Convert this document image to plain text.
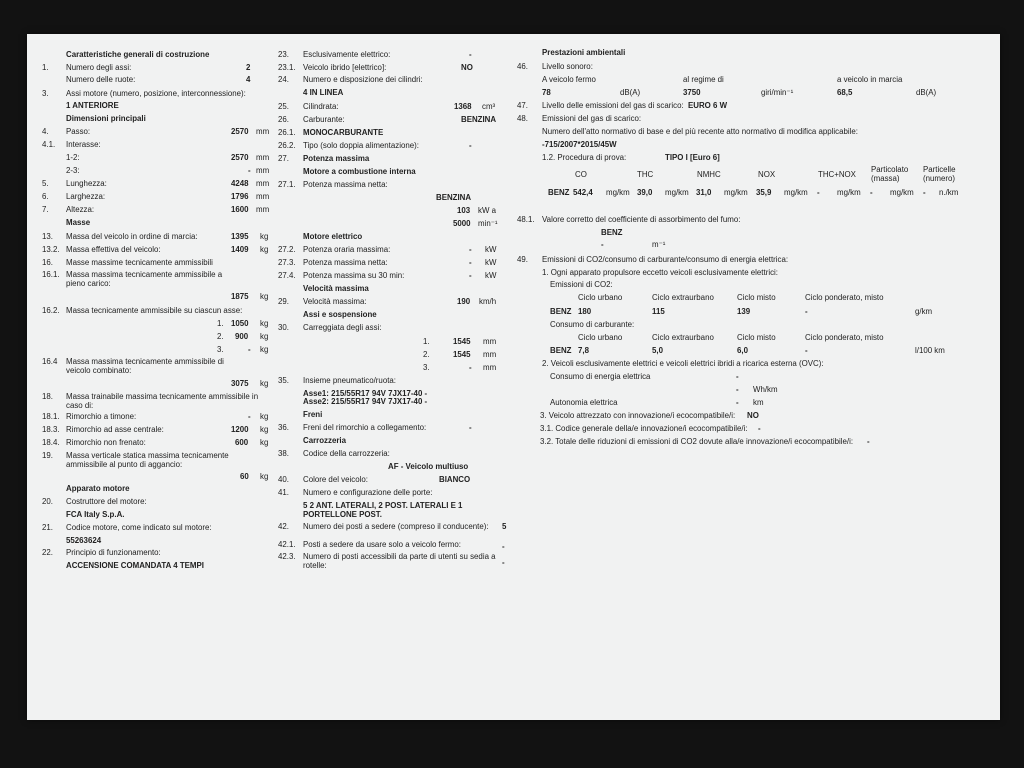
Caratteristiche generali di costruzione
1. Numero degli assi:	2
Numero delle ruote:	4
3. Assi motore (numero, posizione, interconnessione):
1 ANTERIORE
Dimensioni principali
4. Passo:	2570 mm
4.1. Interasse:
1-2:	2570 mm
2-3:	- mm
5. Lunghezza:	4248 mm
6. Larghezza:	1796 mm
7. Altezza:	1600 mm
Masse
13. Massa del veicolo in ordine di marcia:	1395 kg
13.2. Massa effettiva del veicolo:	1409 kg
16. Masse massime tecnicamente ammissibili
16.1. Massa massima tecnicamente ammissibile a pieno carico:
1875 kg
16.2. Massa tecnicamente ammissibile su ciascun asse:
1. 1050 kg
2. 900 kg
3.	- kg
16.4 Massa massima tecnicamente ammissibile di veicolo combinato:
3075 kg
18. Massa trainabile massima tecnicamente ammissibile in caso di:
18.1. Rimorchio a timone:	- kg
18.3. Rimorchio ad asse centrale:	1200 kg
18.4. Rimorchio non frenato:	600 kg
19. Massa verticale statica massima tecnicamente ammissibile al punto di aggancio:
60 kg
Apparato motore
20. Costruttore del motore:
FCA Italy S.p.A.
21. Codice motore, come indicato sul motore:
55263624
22. Principio di funzionamento:
ACCENSIONE COMANDATA 4 TEMPI
23. Esclusivamente elettrico:	-
23.1. Veicolo ibrido [elettrico]:	NO
24. Numero e disposizione dei cilindri:
4 IN LINEA
25. Cilindrata:	1368 cm³
26. Carburante:	BENZINA
26.1. MONOCARBURANTE
26.2. Tipo (solo doppia alimentazione):	-
27. Potenza massima
Motore a combustione interna
27.1. Potenza massima netta:
BENZINA
103 kW a
5000 min⁻¹
Motore elettrico
27.2. Potenza oraria massima:	- kW
27.3. Potenza massima netta:	- kW
27.4. Potenza massima su 30 min:	- kW
Velocità massima
29. Velocità massima:	190 km/h
Assi e sospensione
30. Carreggiata degli assi:
1.	1545 mm
2.	1545 mm
3.	- mm
35. Insieme pneumatico/ruota:
Asse1: 215/55R17 94V 7JX17-40 -
Asse2: 215/55R17 94V 7JX17-40 -
Freni
36. Freni del rimorchio a collegamento:	-
Carrozzeria
38. Codice della carrozzeria:
AF - Veicolo multiuso
40. Colore del veicolo:	BIANCO
41. Numero e configurazione delle porte:
5 2 ANT. LATERALI, 2 POST. LATERALI E 1 PORTELLONE POST.
42. Numero dei posti a sedere (compreso il conducente): 5
42.1. Posti a sedere da usare solo a veicolo fermo:	-
42.3. Numero di posti accessibili da parte di utenti su sedia a rotelle:	-
Prestazioni ambientali
46. Livello sonoro:
A veicolo fermo	al regime di	a veicolo in marcia
78	dB(A)	3750	giri/min⁻¹	68,5	dB(A)
47. Livello delle emissioni del gas di scarico: EURO 6 W
48. Emissioni del gas di scarico:
Numero dell'atto normativo di base e del più recente atto normativo di modifica applicabile:
-715/2007*2015/45W
1.2. Procedura di prova:	TIPO I [Euro 6]
CO	THC	NMHC	NOX	THC+NOX
Particolato (massa)
Particelle (numero)
BENZ 542,4 mg/km 39,0 mg/km 31,0 mg/km 35,9 mg/km - mg/km - mg/km - n./km
48.1. Valore corretto del coefficiente di assorbimento del fumo:
BENZ
-	m⁻¹
49. Emissioni di CO2/consumo di carburante/consumo di energia elettrica:
1. Ogni apparato propulsore eccetto veicoli esclusivamente elettrici:
Emissioni di CO2:
Ciclo urbano	Ciclo extraurbano	Ciclo misto	Ciclo ponderato, misto
BENZ 180	115	139	-	g/km
Consumo di carburante:
Ciclo urbano	Ciclo extraurbano	Ciclo misto	Ciclo ponderato, misto
BENZ 7,8	5,0	6,0	-	l/100 km
2. Veicoli esclusivamente elettrici e veicoli elettrici ibridi a ricarica esterna (OVC):
Consumo di energia elettrica	-
- Wh/km
Autonomia elettrica	- km
3. Veicolo attrezzato con innovazione/i ecocompatibile/i: NO
3.1. Codice generale della/e innovazione/i ecocompatibile/i: -
3.2. Totale delle riduzioni di emissioni di CO2 dovute alla/e innovazione/i ecocompatibile/i: -
